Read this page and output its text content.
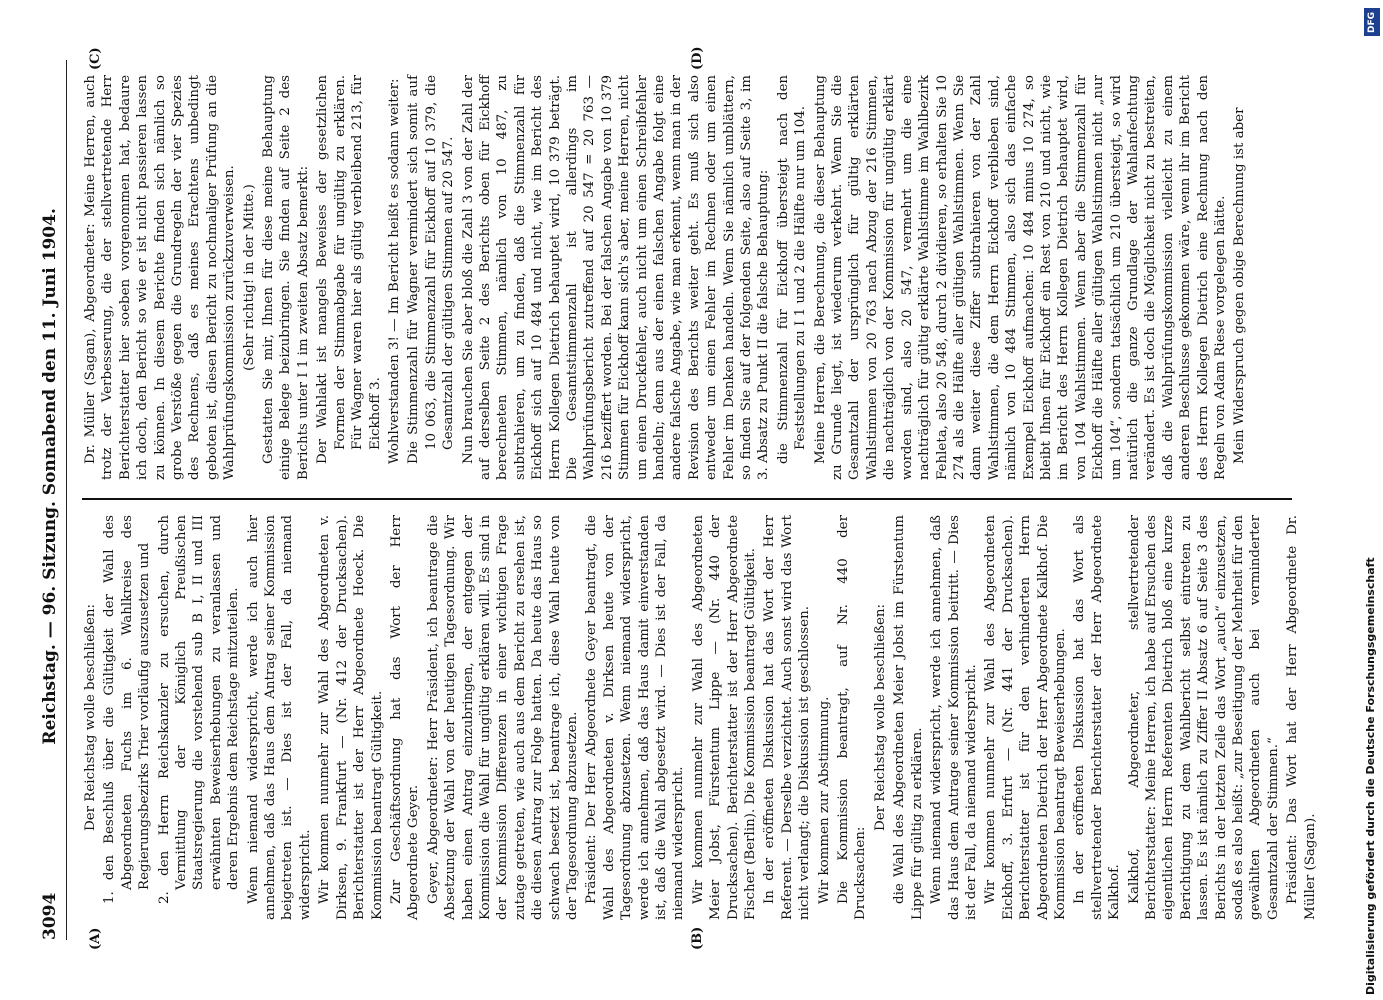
3094
Reichstag. — 96. Sitzung. Sonnabend den 11. Juni 1904.
(A)	(B)
(C)	(D)

Der Reichstag wolle beschließen: 1. den Beschluß über die Gültigkeit der Wahl des Abgeordneten Fuchs im 6. Wahlkreise des Regierungsbezirks Trier vorläufig auszusetzen und 2. den Herrn Reichskanzler zu ersuchen, durch Vermittlung der Königlich Preußischen Staatsregierung die vorstehend sub B I, II und III erwähnten Beweiserhebungen zu veranlassen und deren Ergebnis dem Reichstage mitzuteilen. Wenn niemand widerspricht, werde ich auch hier annehmen, daß das Haus dem Antrag seiner Kommission beigetreten ist. — Dies ist der Fall, da niemand widerspricht. Wir kommen nunmehr zur Wahl des Abgeordneten v. Dirksen, 9. Frankfurt — (Nr. 412 der Drucksachen). Berichterstatter ist der Herr Abgeordnete Hoeck. Die Kommission beantragt Gültigkeit. Zur Geschäftsordnung hat das Wort der Herr Abgeordnete Geyer. Geyer, Abgeordneter: Herr Präsident, ich beantrage die Absetzung der Wahl von der heutigen Tagesordnung. Wir haben einen Antrag einzubringen, der entgegen der Kommission die Wahl für ungültig erklären will. Es sind in der Kommission Differenzen in einer wichtigen Frage zutage getreten, wie auch aus dem Bericht zu ersehen ist, die diesen Antrag zur Folge hatten. Da heute das Haus so schwach besetzt ist, beantrage ich, diese Wahl heute von der Tagesordnung abzusetzen. Präsident: Der Herr Abgeordnete Geyer beantragt, die Wahl des Abgeordneten v. Dirksen heute von der Tagesordnung abzusetzen. Wenn niemand widerspricht, werde ich annehmen, daß das Haus damit einverstanden ist, daß die Wahl abgesetzt wird. — Dies ist der Fall, da niemand widerspricht. Wir kommen nunmehr zur Wahl des Abgeordneten Meier Jobst, Fürstentum Lippe — (Nr. 440 der Drucksachen). Berichterstatter ist der Herr Abgeordnete Fischer (Berlin). Die Kommission beantragt Gültigkeit. In der eröffneten Diskussion hat das Wort der Herr Referent. — Derselbe verzichtet. Auch sonst wird das Wort nicht verlangt; die Diskussion ist geschlossen. Wir kommen zur Abstimmung. Die Kommission beantragt, auf Nr. 440 der Drucksachen:

Der Reichstag wolle beschließen: die Wahl des Abgeordneten Meier Jobst im Fürstentum Lippe für gültig zu erklären. Wenn niemand widerspricht, werde ich annehmen, daß das Haus dem Antrage seiner Kommission beitritt. — Dies ist der Fall, da niemand widerspricht. Wir kommen nunmehr zur Wahl des Abgeordneten Eickhoff, 3. Erfurt — (Nr. 441 der Drucksachen). Berichterstatter ist für den verhinderten Herrn Abgeordneten Dietrich der Herr Abgeordnete Kalkhof. Die Kommission beantragt Beweiserhebungen. In der eröffneten Diskussion hat das Wort als stellvertretender Berichterstatter der Herr Abgeordnete Kalkhof. Kalkhof, Abgeordneter, stellvertretender Berichterstatter: Meine Herren, ich habe auf Ersuchen des eigentlichen Herrn Referenten Dietrich bloß eine kurze Berichtigung zu dem Wahlbericht selbst eintreten zu lassen. Es ist nämlich zu Ziffer II Absatz 6 auf Seite 3 des Berichts in der letzten Zeile das Wort „auch“ einzusetzen, sodaß es also heißt: „zur Beseitigung der Mehrheit für den gewählten Abgeordneten auch bei verminderter Gesamtzahl der Stimmen.“ Präsident: Das Wort hat der Herr Abgeordnete Dr. Müller (Sagan).

Dr. Müller (Sagan), Abgeordneter: Meine Herren, auch trotz der Verbesserung, die der stellvertretende Herr Berichterstatter hier soeben vorgenommen hat, bedaure ich doch, den Bericht so wie er ist nicht passieren lassen zu können. In diesem Berichte finden sich nämlich so grobe Verstöße gegen die Grundregeln der vier Spezies des Rechnens, daß es meines Erachtens unbedingt geboten ist, diesen Bericht zu nochmaliger Prüfung an die Wahlprüfungskommission zurückzuverweisen. (Sehr richtig! in der Mitte.) Gestatten Sie mir, Ihnen für diese meine Behauptung einige Belege beizubringen. Sie finden auf Seite 2 des Berichts unter I 1 im zweiten Absatz bemerkt: Der Wahlakt ist mangels Beweises der gesetzlichen Formen der Stimmabgabe für ungültig zu erklären. Für Wagner waren hier als gültig verbleibend 213, für Eickhoff 3. Wohlverstanden 3! — Im Bericht heißt es sodann weiter: Die Stimmenzahl für Wagner vermindert sich somit auf 10 063, die Stimmenzahl für Eickhoff auf 10 379, die Gesamtzahl der gültigen Stimmen auf 20 547. Nun brauchen Sie aber bloß die Zahl 3 von der Zahl der auf derselben Seite 2 des Berichts oben für Eickhoff berechneten Stimmen, nämlich von 10 487, zu subtrahieren, um zu finden, daß die Stimmenzahl für Eickhoff sich auf 10 484 und nicht, wie im Bericht des Herrn Kollegen Dietrich behauptet wird, 10 379 beträgt. Die Gesamtstimmenzahl ist allerdings im Wahlprüfungsbericht zutreffend auf 20 547 = 20 763 — 216 beziffert worden. Bei der falschen Angabe von 10 379 Stimmen für Eickhoff kann sich's aber, meine Herren, nicht um einen Druckfehler, auch nicht um einen Schreibfehler handeln; denn aus der einen falschen Angabe folgt eine andere falsche Angabe, wie man erkennt, wenn man in der Revision des Berichts weiter geht. Es muß sich also entweder um einen Fehler im Rechnen oder um einen Fehler im Denken handeln. Wenn Sie nämlich umblättern, so finden Sie auf der folgenden Seite, also auf Seite 3, im 3. Absatz zu Punkt II die falsche Behauptung: die Stimmenzahl für Eickhoff übersteigt nach den Feststellungen zu I 1 und 2 die Hälfte nur um 104. Meine Herren, die Berechnung, die dieser Behauptung zu Grunde liegt, ist wiederum verkehrt. Wenn Sie die Gesamtzahl der ursprünglich für gültig erklärten Wahlstimmen von 20 763 nach Abzug der 216 Stimmen, die nachträglich von der Kommission für ungültig erklärt worden sind, also 20 547, vermehrt um die eine nachträglich für gültig erklärte Wahlstimme im Wahlbezirk Fehleta, also 20 548, durch 2 dividieren, so erhalten Sie 10 274 als die Hälfte aller gültigen Wahlstimmen. Wenn Sie dann weiter diese Ziffer subtrahieren von der Zahl Wahlstimmen, die dem Herrn Eickhoff verblieben sind, nämlich von 10 484 Stimmen, also sich das einfache Exempel Eickhoff aufmachen: 10 484 minus 10 274, so bleibt Ihnen für Eickhoff ein Rest von 210 und nicht, wie im Bericht des Herrn Kollegen Dietrich behauptet wird, von 104 Wahlstimmen. Wenn aber die Stimmenzahl für Eickhoff die Hälfte aller gültigen Wahlstimmen nicht „nur um 104“, sondern tatsächlich um 210 übersteigt, so wird natürlich die ganze Grundlage der Wahlanfechtung verändert. Es ist doch die Möglichkeit nicht zu bestreiten, daß die Wahlprüfungskommission vielleicht zu einem anderen Beschlusse gekommen wäre, wenn ihr im Bericht des Herrn Kollegen Dietrich eine Rechnung nach den Regeln von Adam Riese vorgelegen hätte. Mein Widerspruch gegen obige Berechnung ist aber

DFG
Digitalisierung gefördert durch die Deutsche Forschungsgemeinschaft
